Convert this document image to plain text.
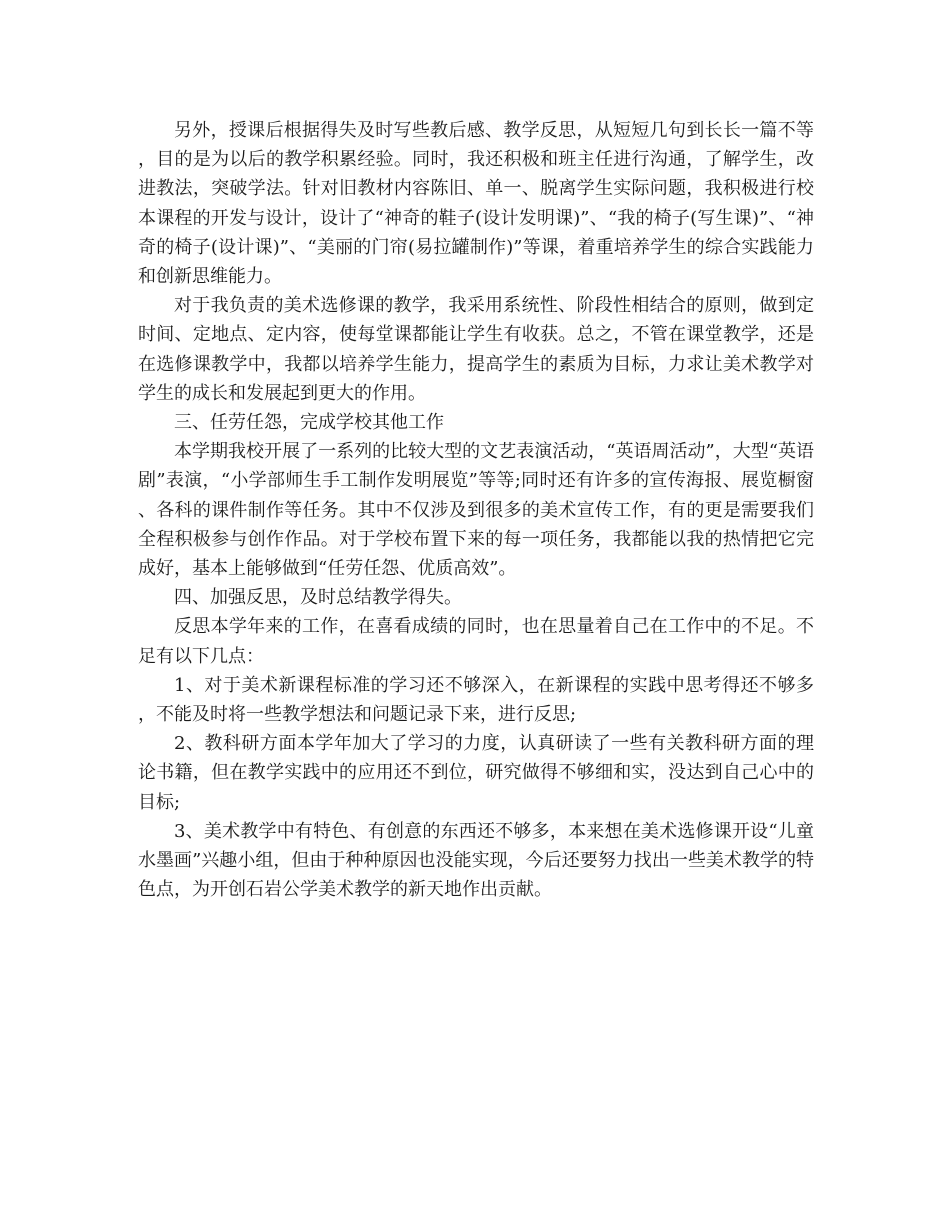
另外，授课后根据得失及时写些教后感、教学反思，从短短几句到长长一篇不等，目的是为以后的教学积累经验。同时，我还积极和班主任进行沟通，了解学生，改进教法，突破学法。针对旧教材内容陈旧、单一、脱离学生实际问题，我积极进行校本课程的开发与设计，设计了“神奇的鞋子(设计发明课)”、“我的椅子(写生课)”、“神奇的椅子(设计课)”、“美丽的门帘(易拉罐制作)”等课，着重培养学生的综合实践能力和创新思维能力。

对于我负责的美术选修课的教学，我采用系统性、阶段性相结合的原则，做到定时间、定地点、定内容，使每堂课都能让学生有收获。总之，不管在课堂教学，还是在选修课教学中，我都以培养学生能力，提高学生的素质为目标，力求让美术教学对学生的成长和发展起到更大的作用。

三、任劳任怨，完成学校其他工作

本学期我校开展了一系列的比较大型的文艺表演活动，“英语周活动”，大型“英语剧”表演，“小学部师生手工制作发明展览”等等;同时还有许多的宣传海报、展览橱窗、各科的课件制作等任务。其中不仅涉及到很多的美术宣传工作，有的更是需要我们全程积极参与创作作品。对于学校布置下来的每一项任务，我都能以我的热情把它完成好，基本上能够做到“任劳任怨、优质高效”。

四、加强反思，及时总结教学得失。

反思本学年来的工作，在喜看成绩的同时，也在思量着自己在工作中的不足。不足有以下几点：

1、对于美术新课程标准的学习还不够深入，在新课程的实践中思考得还不够多，不能及时将一些教学想法和问题记录下来，进行反思;

2、教科研方面本学年加大了学习的力度，认真研读了一些有关教科研方面的理论书籍，但在教学实践中的应用还不到位，研究做得不够细和实，没达到自己心中的目标;

3、美术教学中有特色、有创意的东西还不够多，本来想在美术选修课开设“儿童水墨画”兴趣小组，但由于种种原因也没能实现，今后还要努力找出一些美术教学的特色点，为开创石岩公学美术教学的新天地作出贡献。
